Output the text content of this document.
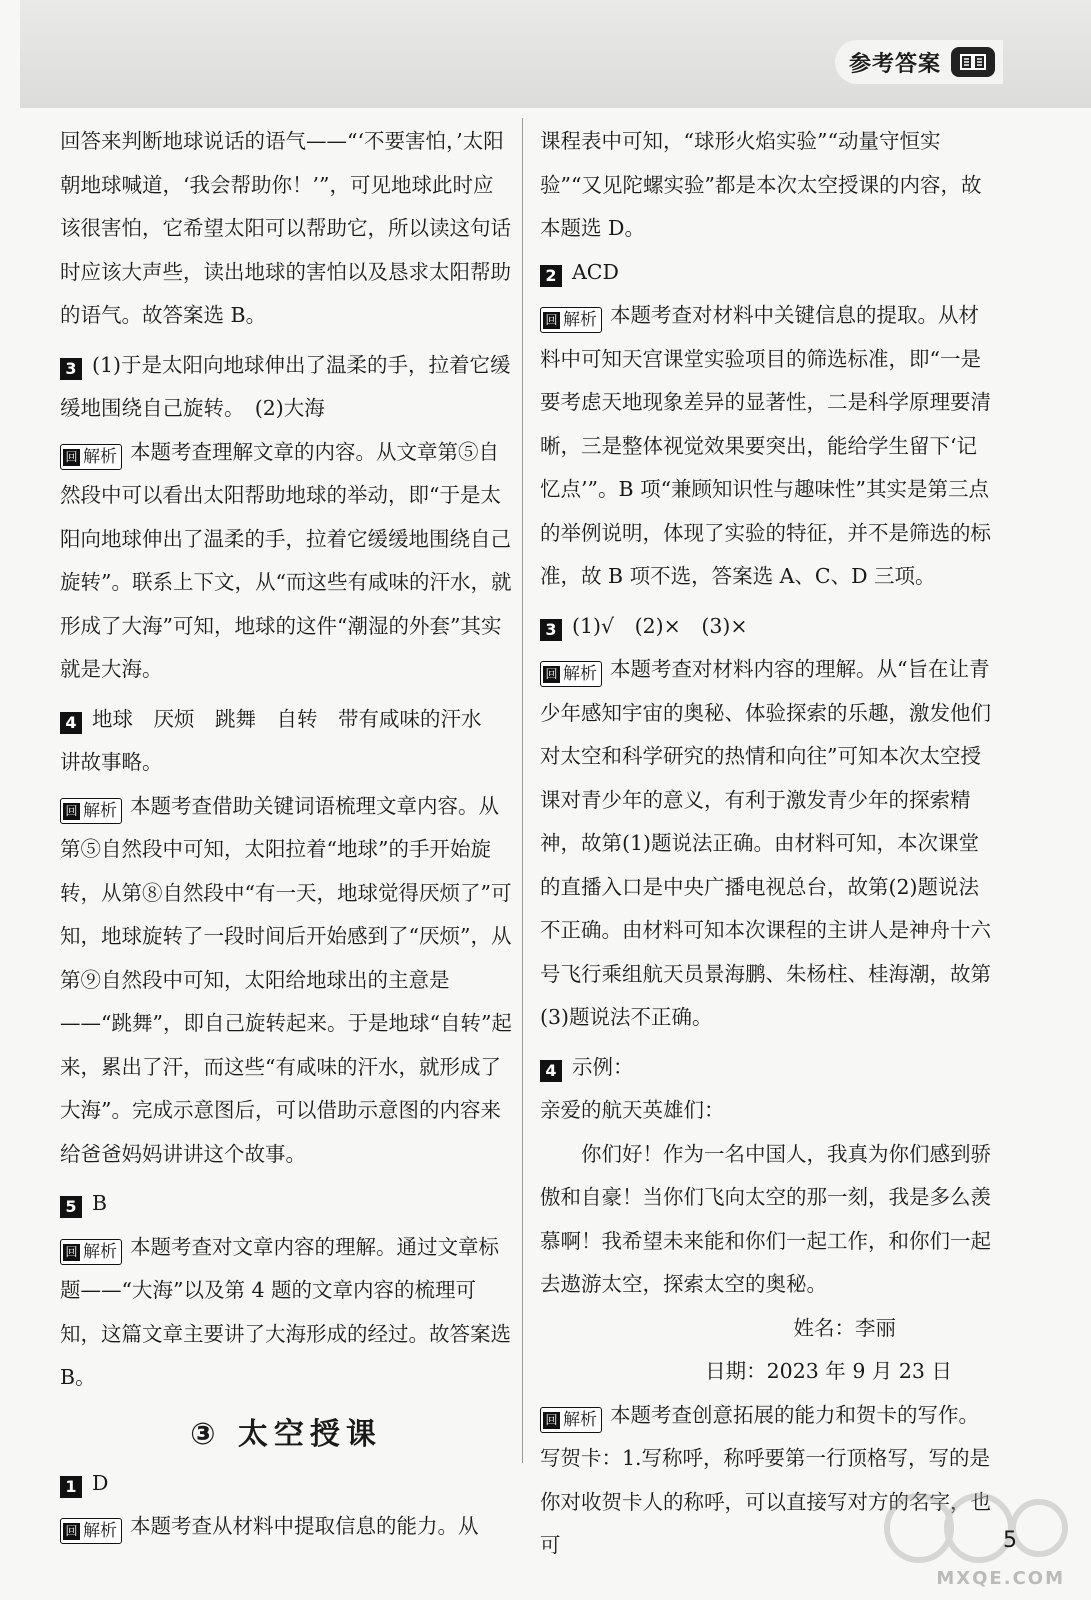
参考答案

回答来判断地球说话的语气——“‘不要害怕，’太阳朝地球喊道，‘我会帮助你！’”，可见地球此时应该很害怕，它希望太阳可以帮助它，所以读这句话时应该大声些，读出地球的害怕以及恳求太阳帮助的语气。故答案选 B。

3 (1)于是太阳向地球伸出了温柔的手，拉着它缓缓地围绕自己旋转。　(2)大海

回 解析 本题考查理解文章的内容。从文章第⑤自然段中可以看出太阳帮助地球的举动，即“于是太阳向地球伸出了温柔的手，拉着它缓缓地围绕自己旋转”。联系上下文，从“而这些有咸味的汗水，就形成了大海”可知，地球的这件“潮湿的外套”其实就是大海。

4 地球　厌烦　跳舞　自转　带有咸味的汗水　讲故事略。

回 解析 本题考查借助关键词语梳理文章内容。从第⑤自然段中可知，太阳拉着“地球”的手开始旋转，从第⑧自然段中“有一天，地球觉得厌烦了”可知，地球旋转了一段时间后开始感到了“厌烦”，从第⑨自然段中可知，太阳给地球出的主意是——“跳舞”，即自己旋转起来。于是地球“自转”起来，累出了汗，而这些“有咸味的汗水，就形成了大海”。完成示意图后，可以借助示意图的内容来给爸爸妈妈讲讲这个故事。

5 B

回 解析 本题考查对文章内容的理解。通过文章标题——“大海”以及第 4 题的文章内容的梳理可知，这篇文章主要讲了大海形成的经过。故答案选 B。

③ 太空授课

1 D

回 解析 本题考查从材料中提取信息的能力。从

课程表中可知，“球形火焰实验”“动量守恒实验”“又见陀螺实验”都是本次太空授课的内容，故本题选 D。

2 ACD

回 解析 本题考查对材料中关键信息的提取。从材料中可知天宫课堂实验项目的筛选标准，即“一是要考虑天地现象差异的显著性，二是科学原理要清晰，三是整体视觉效果要突出，能给学生留下‘记忆点’”。B 项“兼顾知识性与趣味性”其实是第三点的举例说明，体现了实验的特征，并不是筛选的标准，故 B 项不选，答案选 A、C、D 三项。

3 (1)√　(2)×　(3)×

回 解析 本题考查对材料内容的理解。从“旨在让青少年感知宇宙的奥秘、体验探索的乐趣，激发他们对太空和科学研究的热情和向往”可知本次太空授课对青少年的意义，有利于激发青少年的探索精神，故第(1)题说法正确。由材料可知，本次课堂的直播入口是中央广播电视总台，故第(2)题说法不正确。由材料可知本次课程的主讲人是神舟十六号飞行乘组航天员景海鹏、朱杨柱、桂海潮，故第(3)题说法不正确。

4 示例：

亲爱的航天英雄们：

你们好！作为一名中国人，我真为你们感到骄傲和自豪！当你们飞向太空的那一刻，我是多么羡慕啊！我希望未来能和你们一起工作，和你们一起去遨游太空，探索太空的奥秘。

姓名：李丽

日期：2023 年 9 月 23 日

回 解析 本题考查创意拓展的能力和贺卡的写作。写贺卡：1.写称呼，称呼要第一行顶格写，写的是你对收贺卡人的称呼，可以直接写对方的名字，也可

MXQE.COM
5
